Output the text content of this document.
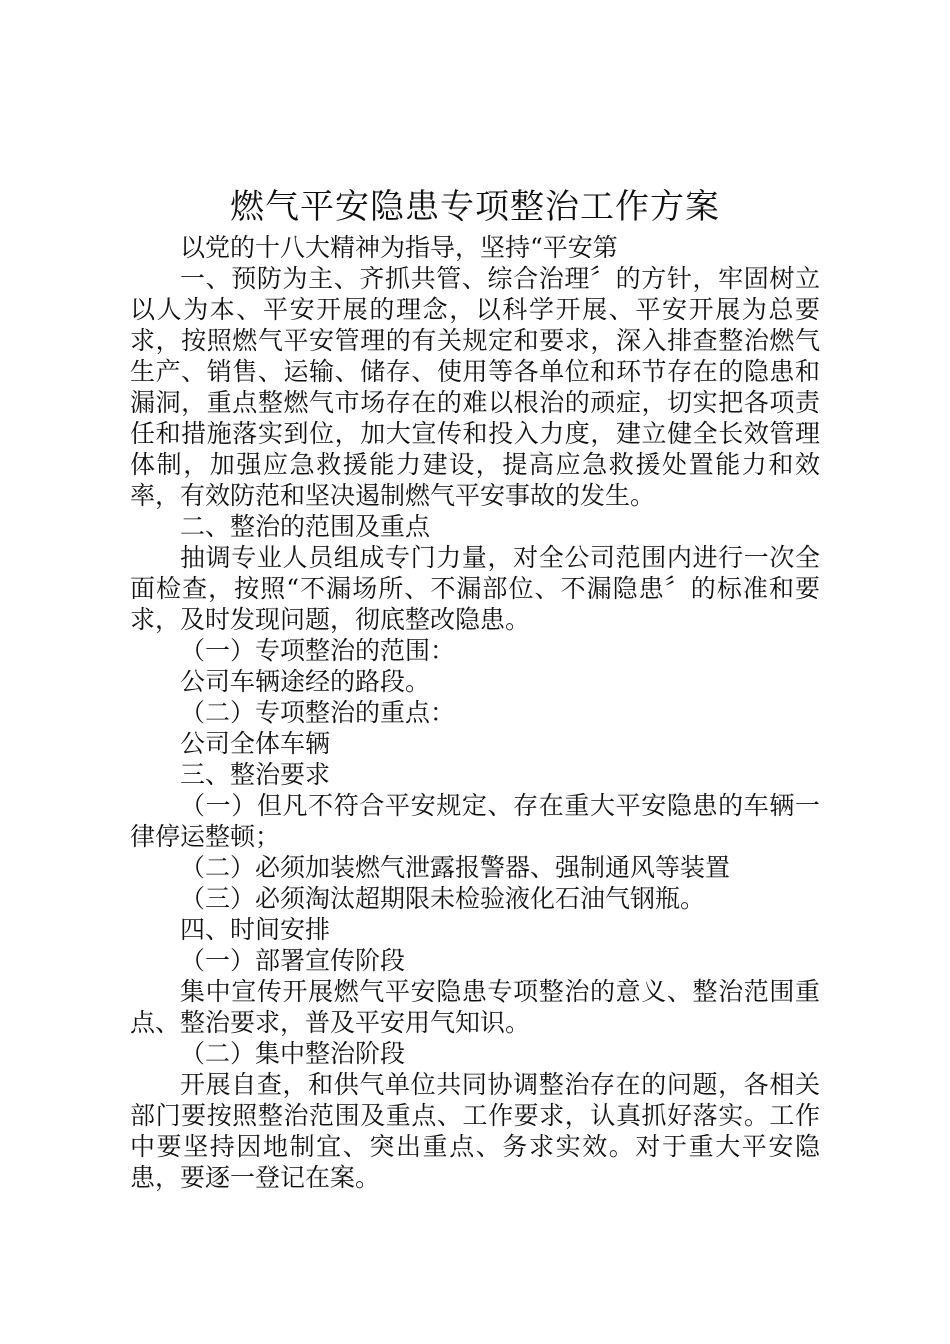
燃气平安隐患专项整治工作方案

以党的十八大精神为指导，坚持“平安第

一、预防为主、齐抓共管、综合治理〞的方针，牢固树立以人为本、平安开展的理念，以科学开展、平安开展为总要求，按照燃气平安管理的有关规定和要求，深入排查整治燃气生产、销售、运输、储存、使用等各单位和环节存在的隐患和漏洞，重点整燃气市场存在的难以根治的顽症，切实把各项责任和措施落实到位，加大宣传和投入力度，建立健全长效管理体制，加强应急救援能力建设，提高应急救援处置能力和效率，有效防范和坚决遏制燃气平安事故的发生。

二、整治的范围及重点

抽调专业人员组成专门力量，对全公司范围内进行一次全面检查，按照“不漏场所、不漏部位、不漏隐患〞的标准和要求，及时发现问题，彻底整改隐患。

（一）专项整治的范围：

公司车辆途经的路段。

（二）专项整治的重点：

公司全体车辆

三、整治要求

（一）但凡不符合平安规定、存在重大平安隐患的车辆一律停运整顿；

（二）必须加装燃气泄露报警器、强制通风等装置

（三）必须淘汰超期限未检验液化石油气钢瓶。

四、时间安排

（一）部署宣传阶段

集中宣传开展燃气平安隐患专项整治的意义、整治范围重点、整治要求，普及平安用气知识。

（二）集中整治阶段

开展自查，和供气单位共同协调整治存在的问题，各相关部门要按照整治范围及重点、工作要求，认真抓好落实。工作中要坚持因地制宜、突出重点、务求实效。对于重大平安隐患，要逐一登记在案。
